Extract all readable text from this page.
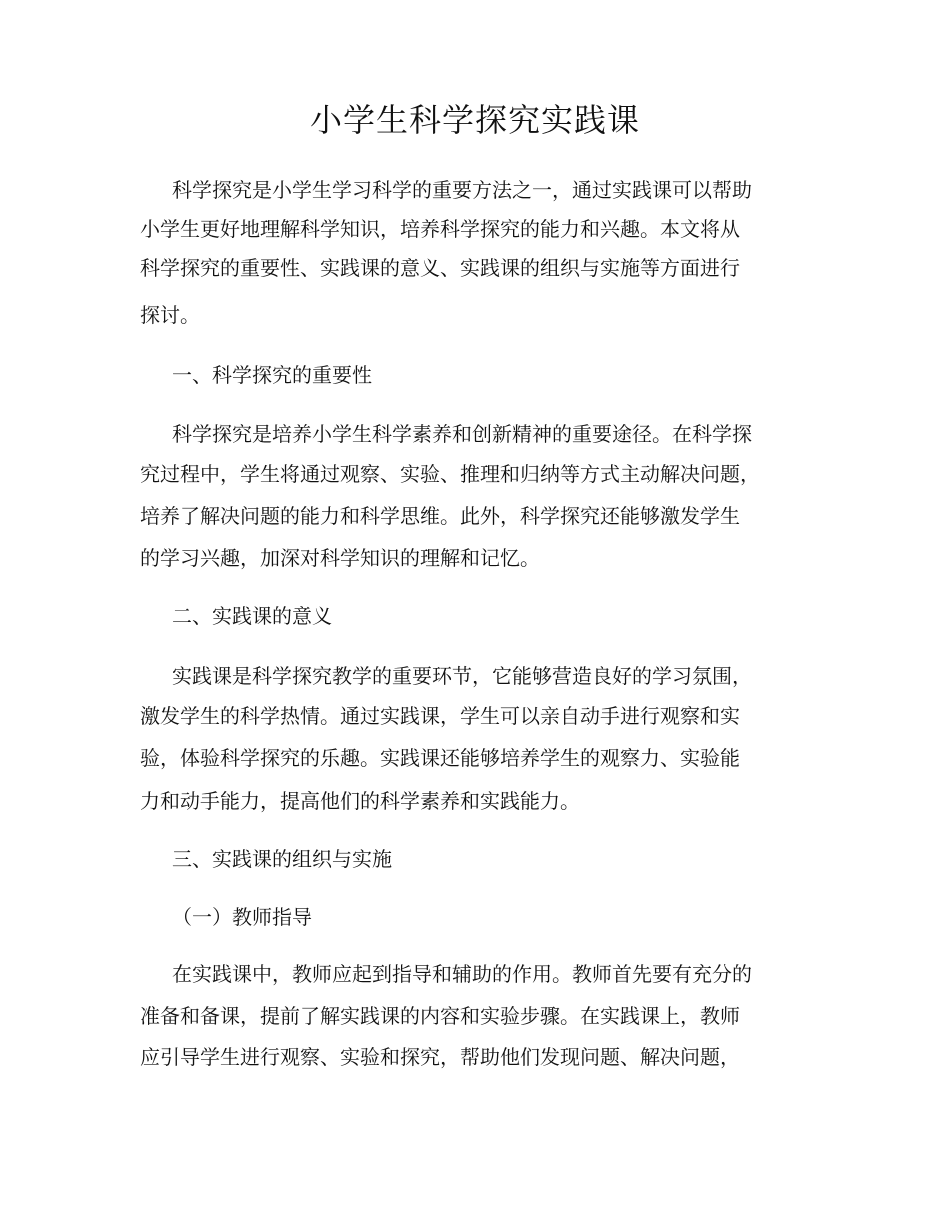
小学生科学探究实践课

科学探究是小学生学习科学的重要方法之一，通过实践课可以帮助

小学生更好地理解科学知识，培养科学探究的能力和兴趣。本文将从

科学探究的重要性、实践课的意义、实践课的组织与实施等方面进行

探讨。

一、科学探究的重要性

科学探究是培养小学生科学素养和创新精神的重要途径。在科学探

究过程中，学生将通过观察、实验、推理和归纳等方式主动解决问题，

培养了解决问题的能力和科学思维。此外，科学探究还能够激发学生

的学习兴趣，加深对科学知识的理解和记忆。

二、实践课的意义

实践课是科学探究教学的重要环节，它能够营造良好的学习氛围，

激发学生的科学热情。通过实践课，学生可以亲自动手进行观察和实

验，体验科学探究的乐趣。实践课还能够培养学生的观察力、实验能

力和动手能力，提高他们的科学素养和实践能力。

三、实践课的组织与实施

（一）教师指导

在实践课中，教师应起到指导和辅助的作用。教师首先要有充分的

准备和备课，提前了解实践课的内容和实验步骤。在实践课上，教师

应引导学生进行观察、实验和探究，帮助他们发现问题、解决问题，
